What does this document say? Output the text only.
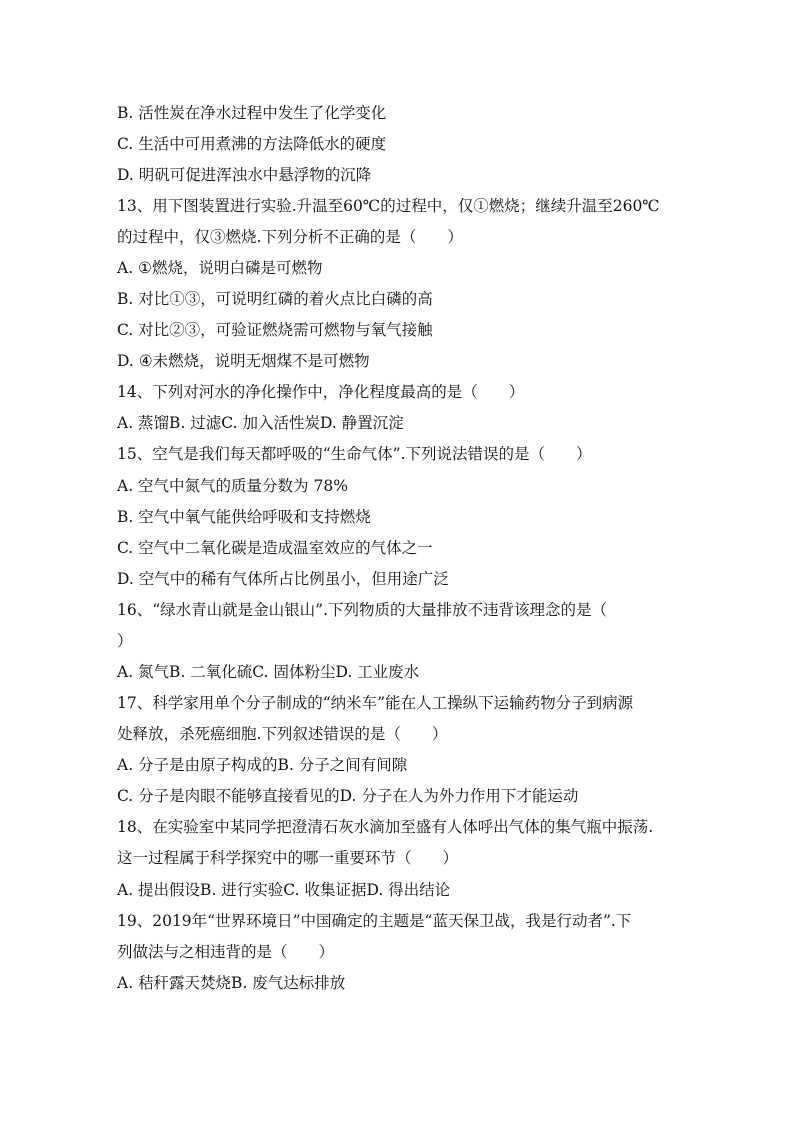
B. 活性炭在净水过程中发生了化学变化
C. 生活中可用煮沸的方法降低水的硬度
D. 明矾可促进浑浊水中悬浮物的沉降
13、用下图装置进行实验.升温至60℃的过程中，仅①燃烧；继续升温至260℃
的过程中，仅③燃烧.下列分析不正确的是（　　）
A. ①燃烧，说明白磷是可燃物
B. 对比①③，可说明红磷的着火点比白磷的高
C. 对比②③，可验证燃烧需可燃物与氧气接触
D. ④未燃烧，说明无烟煤不是可燃物
14、下列对河水的净化操作中，净化程度最高的是（　　）
A. 蒸馏B. 过滤C. 加入活性炭D. 静置沉淀
15、空气是我们每天都呼吸的“生命气体”.下列说法错误的是（　　）
A. 空气中氮气的质量分数为 78%
B. 空气中氧气能供给呼吸和支持燃烧
C. 空气中二氧化碳是造成温室效应的气体之一
D. 空气中的稀有气体所占比例虽小，但用途广泛
16、“绿水青山就是金山银山”.下列物质的大量排放不违背该理念的是（
）
A. 氮气B. 二氧化硫C. 固体粉尘D. 工业废水
17、科学家用单个分子制成的“纳米车”能在人工操纵下运输药物分子到病源
处释放，杀死癌细胞.下列叙述错误的是（　　）
A. 分子是由原子构成的B. 分子之间有间隙
C. 分子是肉眼不能够直接看见的D. 分子在人为外力作用下才能运动
18、在实验室中某同学把澄清石灰水滴加至盛有人体呼出气体的集气瓶中振荡.
这一过程属于科学探究中的哪一重要环节（　　）
A. 提出假设B. 进行实验C. 收集证据D. 得出结论
19、2019年“世界环境日”中国确定的主题是“蓝天保卫战，我是行动者”.下
列做法与之相违背的是（　　）
A. 秸秆露天焚烧B. 废气达标排放
